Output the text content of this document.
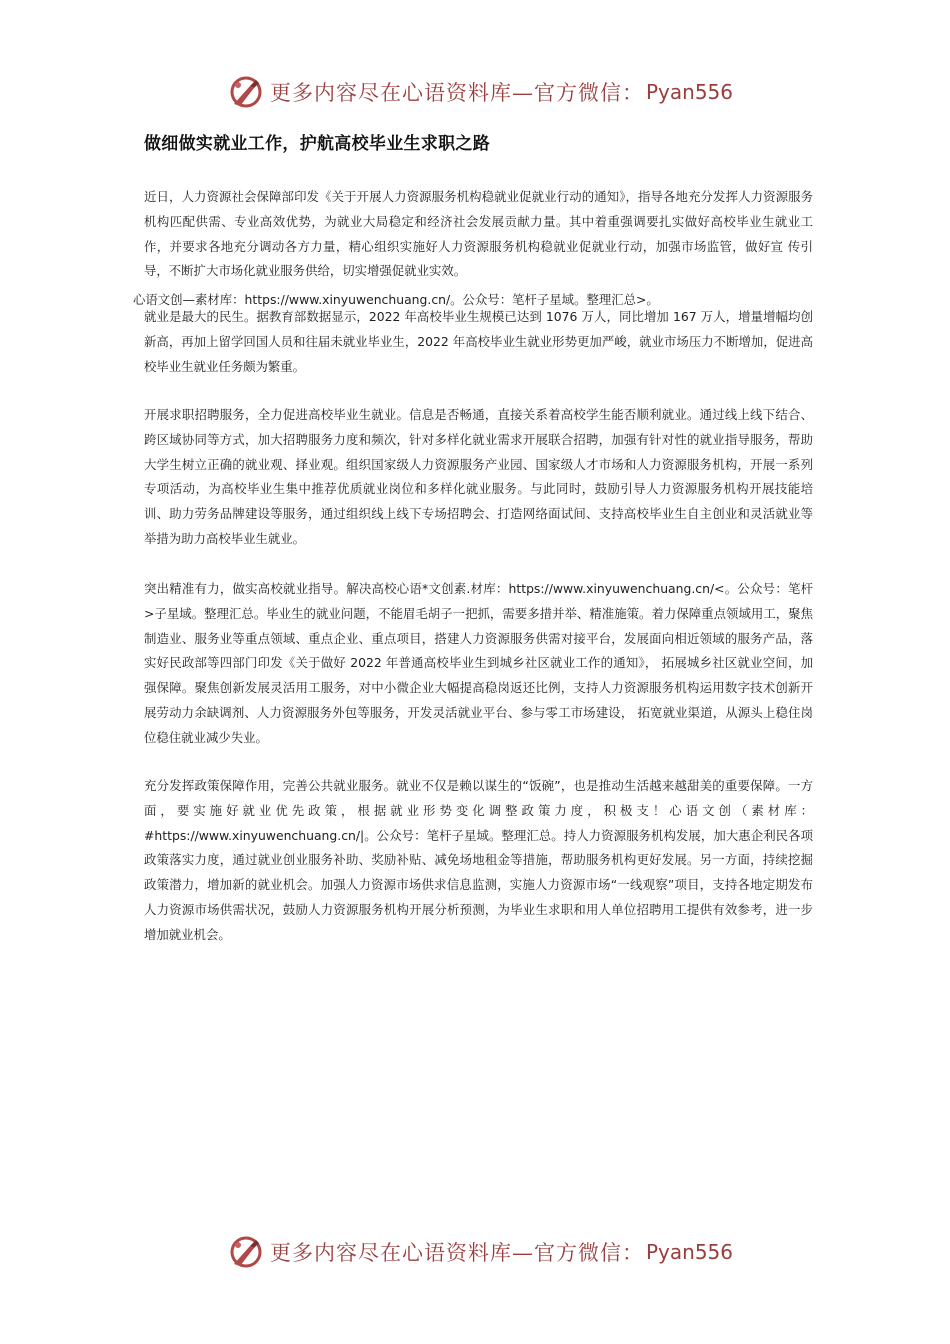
更多内容尽在心语资料库—官方微信： Pyan556
做细做实就业工作，护航高校毕业生求职之路

近日，人力资源社会保障部印发《关于开展人力资源服务机构稳就业促就业行动的通知》，指导各地充分发挥人力资源服务机构匹配供需、专业高效优势，为就业大局稳定和经济社会发展贡献力量。其中着重强调要扎实做好高校毕业生就业工作，并要求各地充分调动各方力量，精心组织实施好人力资源服务机构稳就业促就业行动，加强市场监管，做好宣 传引导，不断扩大市场化就业服务供给，切实增强促就业实效。

心语文创—素材库：https://www.xinyuwenchuang.cn/。公众号：笔杆子星域。整理汇总>。

就业是最大的民生。据教育部数据显示，2022 年高校毕业生规模已达到 1076 万人，同比增加 167 万人，增量增幅均创新高，再加上留学回国人员和往届未就业毕业生，2022 年高校毕业生就业形势更加严峻，就业市场压力不断增加，促进高校毕业生就业任务颇为繁重。

开展求职招聘服务，全力促进高校毕业生就业。信息是否畅通，直接关系着高校学生能否顺利就业。通过线上线下结合、跨区域协同等方式，加大招聘服务力度和频次，针对多样化就业需求开展联合招聘，加强有针对性的就业指导服务，帮助大学生树立正确的就业观、择业观。组织国家级人力资源服务产业园、国家级人才市场和人力资源服务机构，开展一系列专项活动，为高校毕业生集中推荐优质就业岗位和多样化就业服务。与此同时，鼓励引导人力资源服务机构开展技能培训、助力劳务品牌建设等服务，通过组织线上线下专场招聘会、打造网络面试间、支持高校毕业生自主创业和灵活就业等举措为助力高校毕业生就业。

突出精准有力，做实高校就业指导。解决高校心语*文创素.材库：https://www.xinyuwenchuang.cn/<。公众号：笔杆>子星域。整理汇总。毕业生的就业问题，不能眉毛胡子一把抓，需要多措并举、精准施策。着力保障重点领域用工，聚焦制造业、服务业等重点领域、重点企业、重点项目，搭建人力资源服务供需对接平台，发展面向相近领域的服务产品，落实好民政部等四部门印发《关于做好 2022 年普通高校毕业生到城乡社区就业工作的通知》， 拓展城乡社区就业空间，加强保障。聚焦创新发展灵活用工服务，对中小微企业大幅提高稳岗返还比例，支持人力资源服务机构运用数字技术创新开展劳动力余缺调剂、人力资源服务外包等服务，开发灵活就业平台、参与零工市场建设， 拓宽就业渠道，从源头上稳住岗位稳住就业减少失业。

充分发挥政策保障作用，完善公共就业服务。就业不仅是赖以谋生的“饭碗”，也是推动生活越来越甜美的重要保障。一方面，要实施好就业优先政策，根据就业形势变化调整政策力度，积极支！心语文创（素材库：#https://www.xinyuwenchuang.cn/|。公众号：笔杆子星域。整理汇总。持人力资源服务机构发展，加大惠企利民各项政策落实力度，通过就业创业服务补助、奖励补贴、减免场地租金等措施，帮助服务机构更好发展。另一方面，持续挖掘政策潜力，增加新的就业机会。加强人力资源市场供求信息监测，实施人力资源市场“一线观察”项目，支持各地定期发布人力资源市场供需状况，鼓励人力资源服务机构开展分析预测，为毕业生求职和用人单位招聘用工提供有效参考，进一步增加就业机会。

更多内容尽在心语资料库—官方微信： Pyan556
